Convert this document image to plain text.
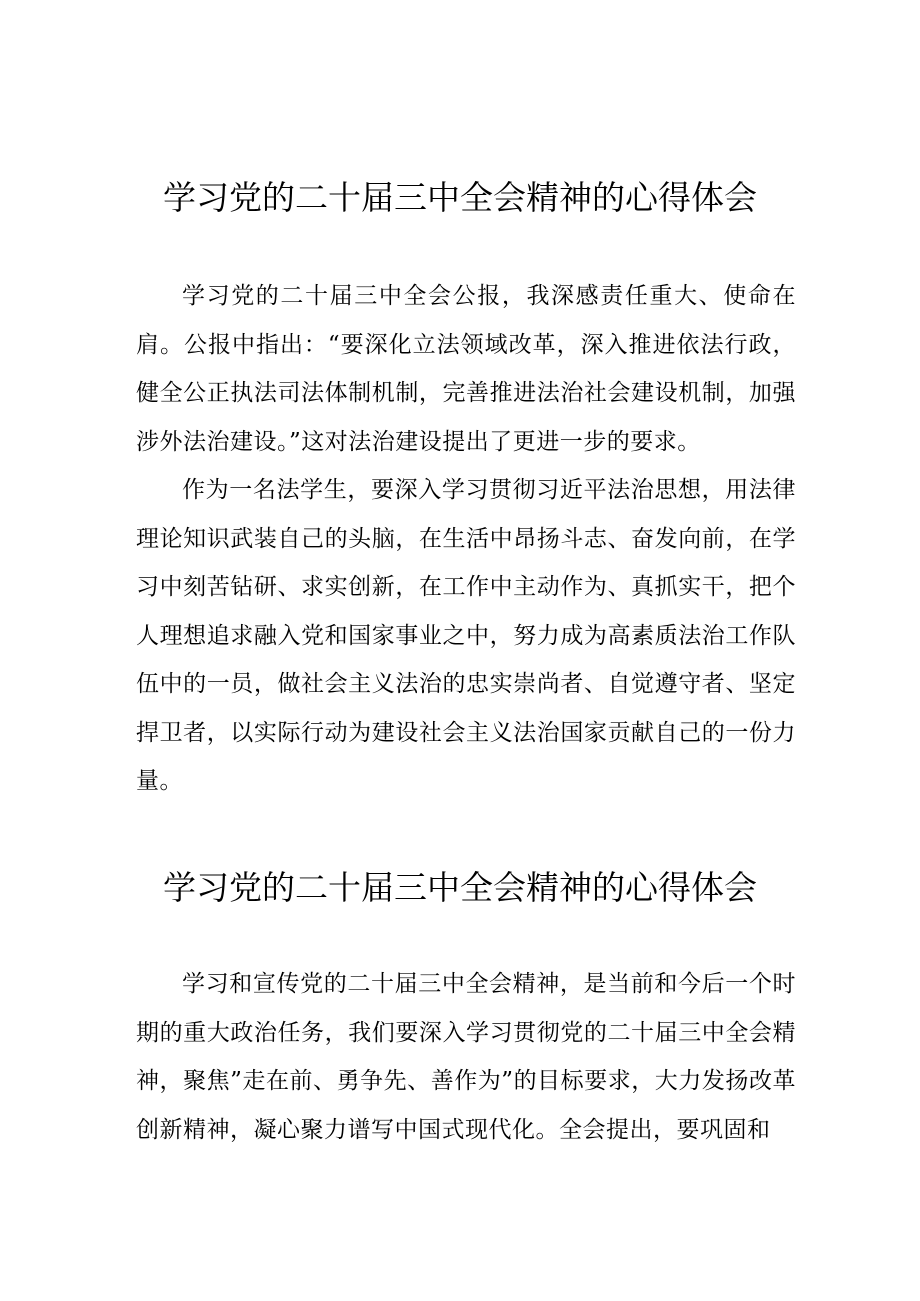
学习党的二十届三中全会精神的心得体会

学习党的二十届三中全会公报，我深感责任重大、使命在肩。公报中指出：“要深化立法领域改革，深入推进依法行政，健全公正执法司法体制机制，完善推进法治社会建设机制，加强涉外法治建设。”这对法治建设提出了更进一步的要求。

作为一名法学生，要深入学习贯彻习近平法治思想，用法律理论知识武装自己的头脑，在生活中昂扬斗志、奋发向前，在学习中刻苦钻研、求实创新，在工作中主动作为、真抓实干，把个人理想追求融入党和国家事业之中，努力成为高素质法治工作队伍中的一员，做社会主义法治的忠实崇尚者、自觉遵守者、坚定捍卫者，以实际行动为建设社会主义法治国家贡献自己的一份力量。

学习党的二十届三中全会精神的心得体会

学习和宣传党的二十届三中全会精神，是当前和今后一个时期的重大政治任务，我们要深入学习贯彻党的二十届三中全会精神，聚焦”走在前、勇争先、善作为”的目标要求，大力发扬改革创新精神，凝心聚力谱写中国式现代化。全会提出，要巩固和
